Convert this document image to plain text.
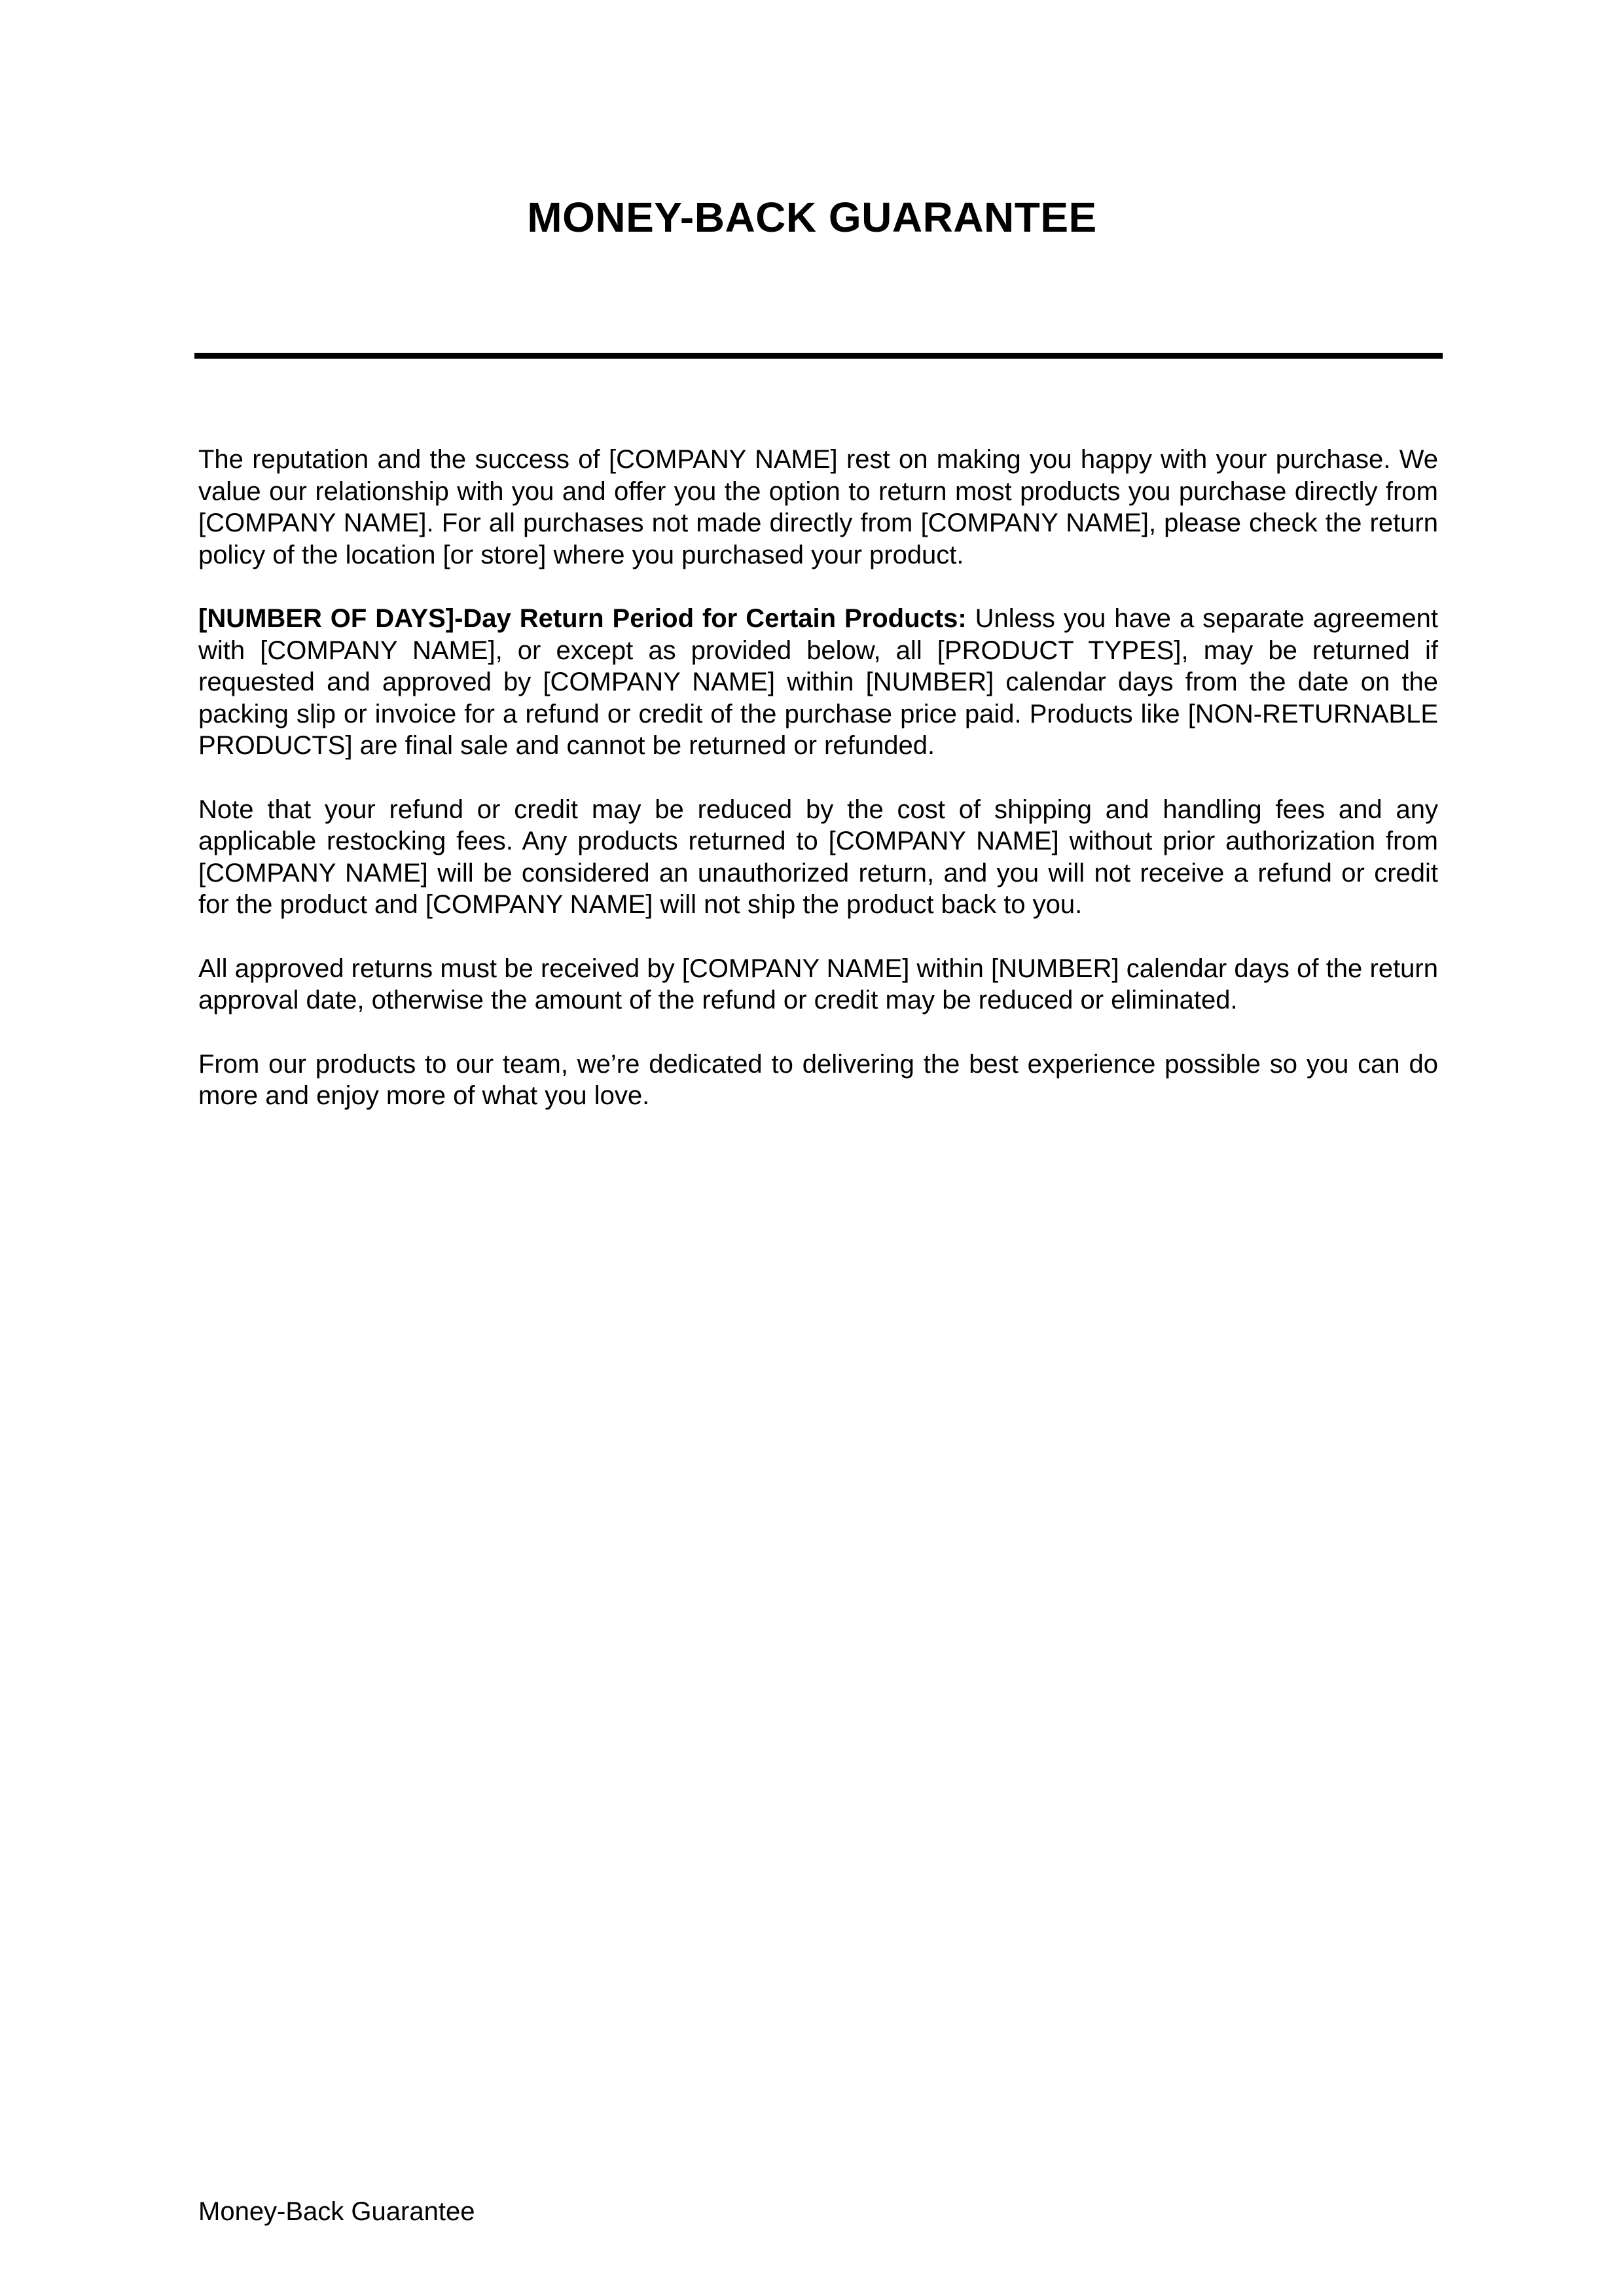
MONEY-BACK GUARANTEE

The reputation and the success of [COMPANY NAME] rest on making you happy with your purchase. We value our relationship with you and offer you the option to return most products you purchase directly from [COMPANY NAME]. For all purchases not made directly from [COMPANY NAME], please check the return policy of the location [or store] where you purchased your product.

[NUMBER OF DAYS]-Day Return Period for Certain Products: Unless you have a separate agreement with [COMPANY NAME], or except as provided below, all [PRODUCT TYPES], may be returned if requested and approved by [COMPANY NAME] within [NUMBER] calendar days from the date on the packing slip or invoice for a refund or credit of the purchase price paid. Products like [NON-RETURNABLE PRODUCTS] are final sale and cannot be returned or refunded.

Note that your refund or credit may be reduced by the cost of shipping and handling fees and any applicable restocking fees. Any products returned to [COMPANY NAME] without prior authorization from [COMPANY NAME] will be considered an unauthorized return, and you will not receive a refund or credit for the product and [COMPANY NAME] will not ship the product back to you.

All approved returns must be received by [COMPANY NAME] within [NUMBER] calendar days of the return approval date, otherwise the amount of the refund or credit may be reduced or eliminated.

From our products to our team, we’re dedicated to delivering the best experience possible so you can do more and enjoy more of what you love.

Money-Back Guarantee
